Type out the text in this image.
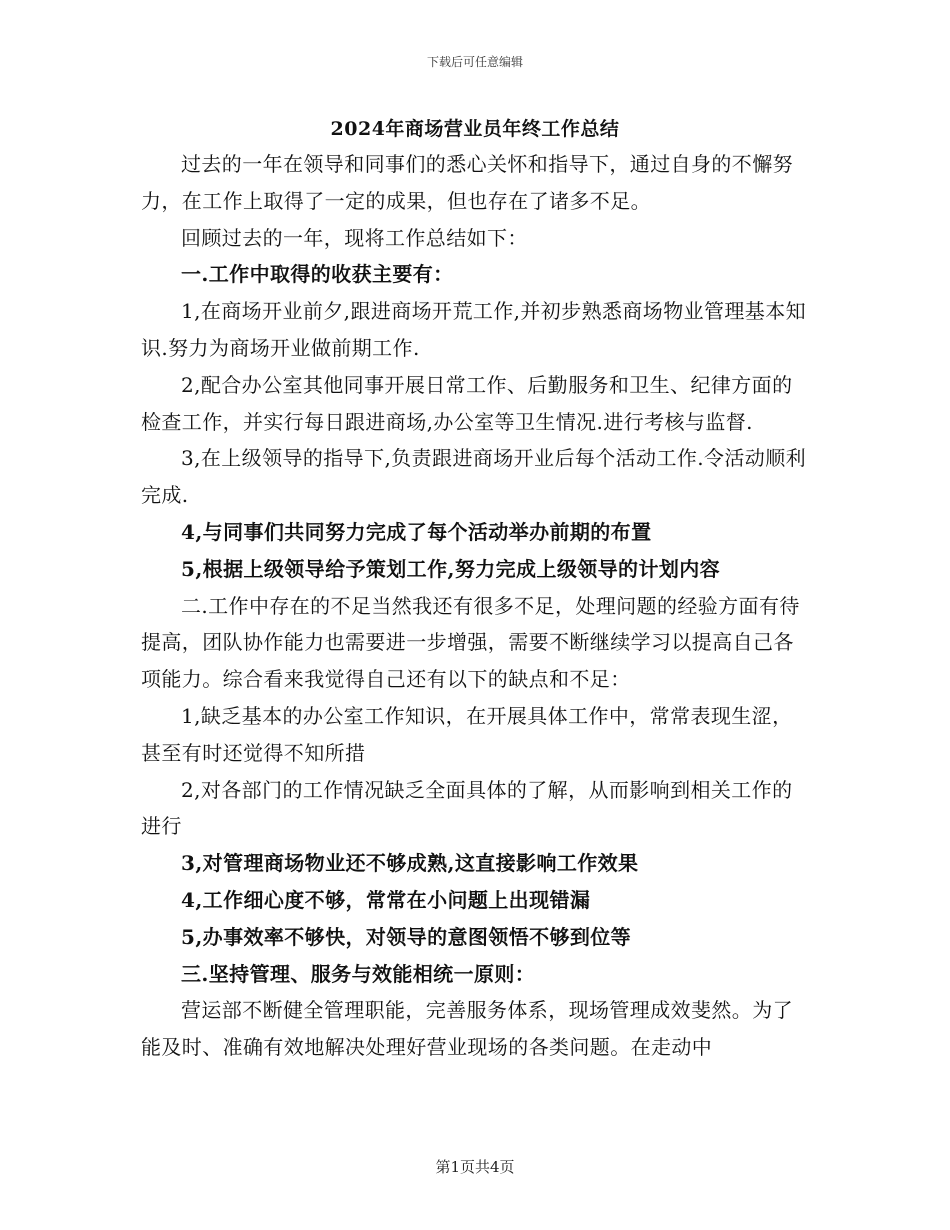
下载后可任意编辑
2024年商场营业员年终工作总结

过去的一年在领导和同事们的悉心关怀和指导下，通过自身的不懈努力，在工作上取得了一定的成果，但也存在了诸多不足。

回顾过去的一年，现将工作总结如下：

一.工作中取得的收获主要有：

1,在商场开业前夕,跟进商场开荒工作,并初步熟悉商场物业管理基本知识.努力为商场开业做前期工作.

2,配合办公室其他同事开展日常工作、后勤服务和卫生、纪律方面的检查工作，并实行每日跟进商场,办公室等卫生情况.进行考核与监督.

3,在上级领导的指导下,负责跟进商场开业后每个活动工作.令活动顺利完成.

4,与同事们共同努力完成了每个活动举办前期的布置

5,根据上级领导给予策划工作,努力完成上级领导的计划内容

二.工作中存在的不足当然我还有很多不足，处理问题的经验方面有待提高，团队协作能力也需要进一步增强，需要不断继续学习以提高自己各项能力。综合看来我觉得自己还有以下的缺点和不足：

1,缺乏基本的办公室工作知识，在开展具体工作中，常常表现生涩，甚至有时还觉得不知所措

2,对各部门的工作情况缺乏全面具体的了解，从而影响到相关工作的进行

3,对管理商场物业还不够成熟,这直接影响工作效果

4,工作细心度不够，常常在小问题上出现错漏

5,办事效率不够快，对领导的意图领悟不够到位等

三.坚持管理、服务与效能相统一原则：

营运部不断健全管理职能，完善服务体系，现场管理成效斐然。为了能及时、准确有效地解决处理好营业现场的各类问题。在走动中

第1页共4页
